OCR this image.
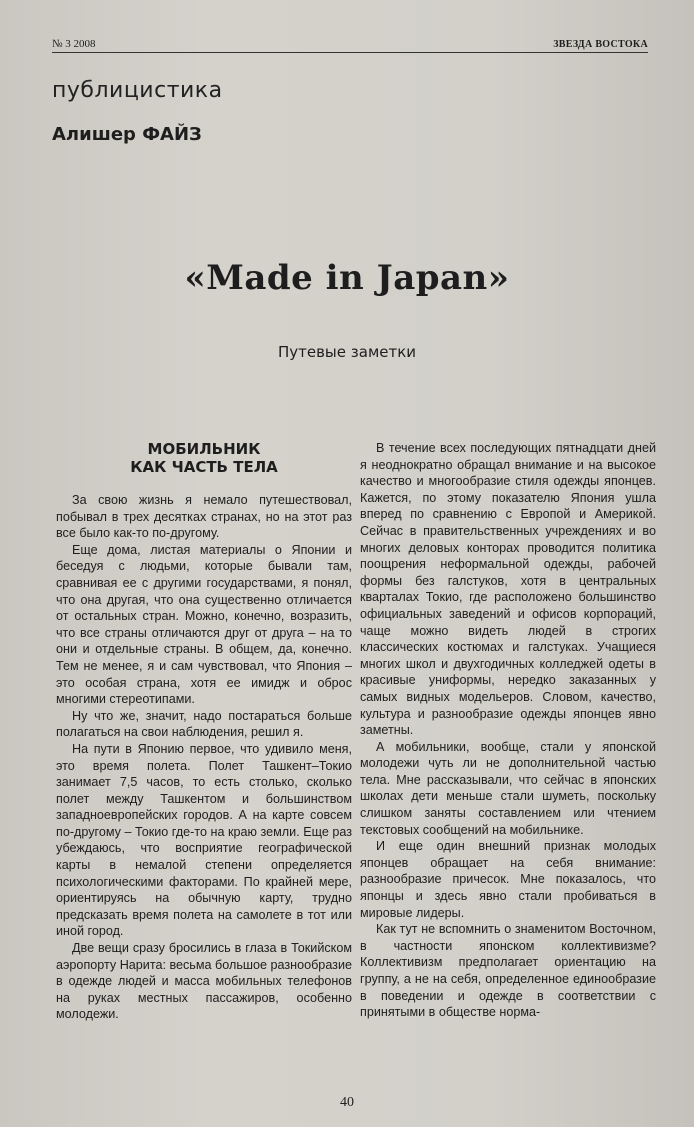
№ 3 2008	ЗВЕЗДА ВОСТОКА
публицистика
Алишер ФАЙЗ
«Made in Japan»
Путевые заметки
МОБИЛЬНИК
КАК ЧАСТЬ ТЕЛА

За свою жизнь я немало путешествовал, побывал в трех десятках странах, но на этот раз все было как-то по-другому.

Еще дома, листая материалы о Японии и беседуя с людьми, которые бывали там, сравнивая ее с другими государствами, я понял, что она другая, что она существенно отличается от остальных стран. Можно, конечно, возразить, что все страны отличаются друг от друга – на то они и отдельные страны. В общем, да, конечно. Тем не менее, я и сам чувствовал, что Япония – это особая страна, хотя ее имидж и оброс многими стереотипами.

Ну что же, значит, надо постараться больше полагаться на свои наблюдения, решил я.

На пути в Японию первое, что удивило меня, это время полета. Полет Ташкент–Токио занимает 7,5 часов, то есть столько, сколько полет между Ташкентом и большинством западноевропейских городов. А на карте совсем по-другому – Токио где-то на краю земли. Еще раз убеждаюсь, что восприятие географической карты в немалой степени определяется психологическими факторами. По крайней мере, ориентируясь на обычную карту, трудно предсказать время полета на самолете в тот или иной город.

Две вещи сразу бросились в глаза в Токийском аэропорту Нарита: весьма большое разнообразие в одежде людей и масса мобильных телефонов на руках местных пассажиров, особенно молодежи.

В течение всех последующих пятнадцати дней я неоднократно обращал внимание и на высокое качество и многообразие стиля одежды японцев. Кажется, по этому показателю Япония ушла вперед по сравнению с Европой и Америкой. Сейчас в правительственных учреждениях и во многих деловых конторах проводится политика поощрения неформальной одежды, рабочей формы без галстуков, хотя в центральных кварталах Токио, где расположено большинство официальных заведений и офисов корпораций, чаще можно видеть людей в строгих классических костюмах и галстуках. Учащиеся многих школ и двухгодичных колледжей одеты в красивые униформы, нередко заказанных у самых видных модельеров. Словом, качество, культура и разнообразие одежды японцев явно заметны.

А мобильники, вообще, стали у японской молодежи чуть ли не дополнительной частью тела. Мне рассказывали, что сейчас в японских школах дети меньше стали шуметь, поскольку слишком заняты составлением или чтением текстовых сообщений на мобильнике.

И еще один внешний признак молодых японцев обращает на себя внимание: разнообразие причесок. Мне показалось, что японцы и здесь явно стали пробиваться в мировые лидеры.

Как тут не вспомнить о знаменитом Восточном, в частности японском коллективизме? Коллективизм предполагает ориентацию на группу, а не на себя, определенное единообразие в поведении и одежде в соответствии с принятыми в обществе норма-

40
